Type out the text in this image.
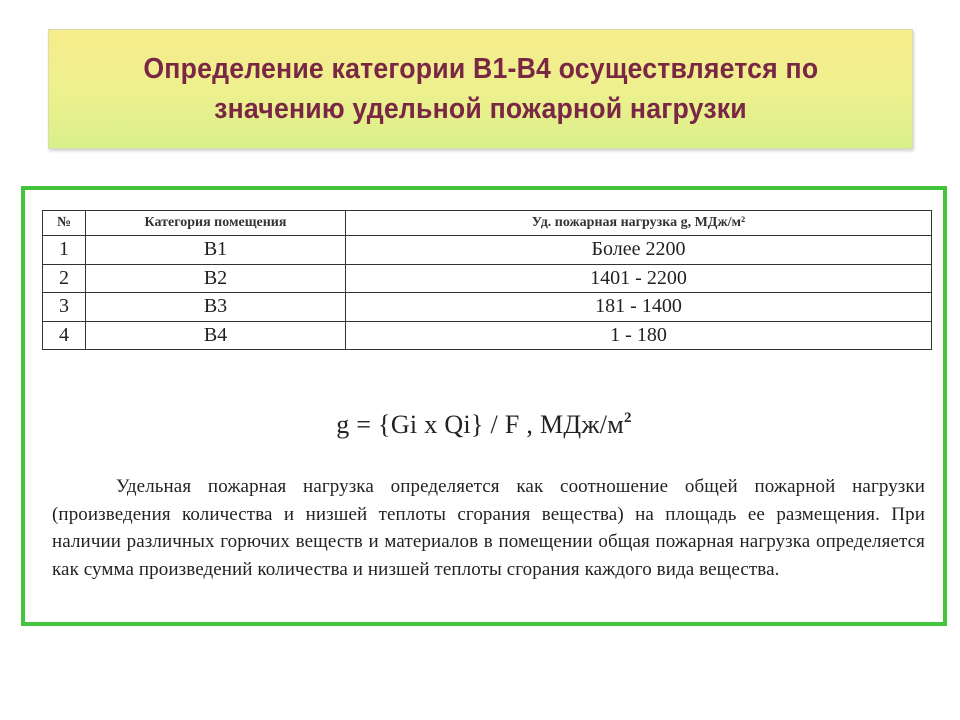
Определение категории В1-В4 осуществляется по
значению удельной пожарной нагрузки
№	Категория помещения	Уд. пожарная нагрузка g, МДж/м²
1	В1	Более 2200
2	В2	1401 - 2200
3	В3	181 - 1400
4	В4	1 - 180
g = {Gi x Qi} / F , МДж/$м^2$

Удельная пожарная нагрузка определяется как соотношение общей пожарной нагрузки (произведения количества и низшей теплоты сгорания вещества) на площадь ее размещения. При наличии различных горючих веществ и материалов в помещении общая пожарная нагрузка определяется как сумма произведений количества и низшей теплоты сгорания каждого вида вещества.
